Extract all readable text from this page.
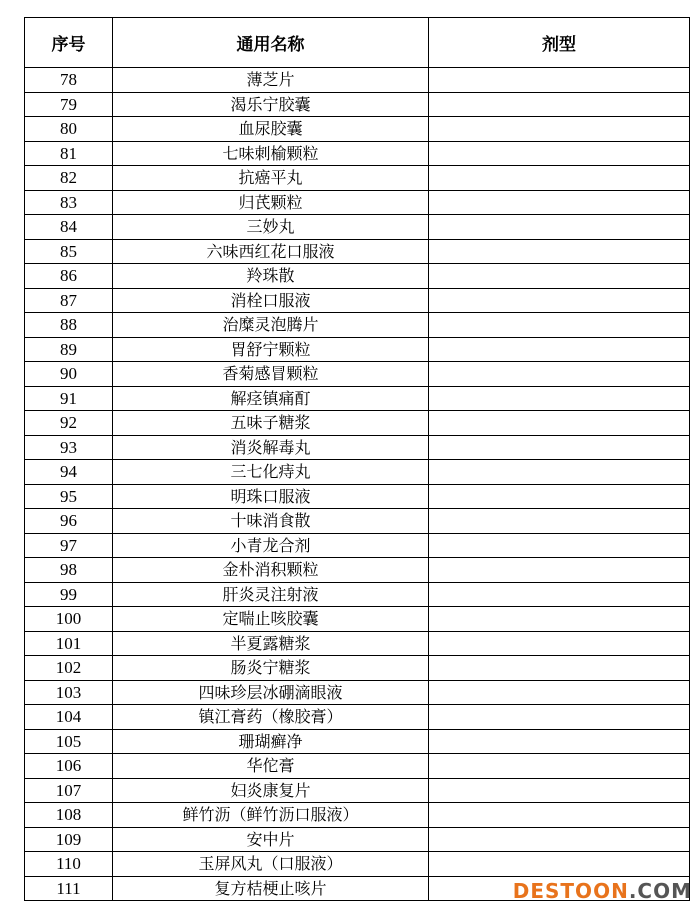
序号	通用名称	剂型
78	薄芝片	
79	渴乐宁胶囊	
80	血尿胶囊	
81	七味刺榆颗粒	
82	抗癌平丸	
83	归芪颗粒	
84	三妙丸	
85	六味西红花口服液	
86	羚珠散	
87	消栓口服液	
88	治糜灵泡腾片	
89	胃舒宁颗粒	
90	香菊感冒颗粒	
91	解痉镇痛酊	
92	五味子糖浆	
93	消炎解毒丸	
94	三七化痔丸	
95	明珠口服液	
96	十味消食散	
97	小青龙合剂	
98	金朴消积颗粒	
99	肝炎灵注射液	
100	定喘止咳胶囊	
101	半夏露糖浆	
102	肠炎宁糖浆	
103	四味珍层冰硼滴眼液	
104	镇江膏药（橡胶膏）	
105	珊瑚癣净	
106	华佗膏	
107	妇炎康复片	
108	鲜竹沥（鲜竹沥口服液）	
109	安中片	
110	玉屏风丸（口服液）	
111	复方桔梗止咳片		DESTOON.COM
